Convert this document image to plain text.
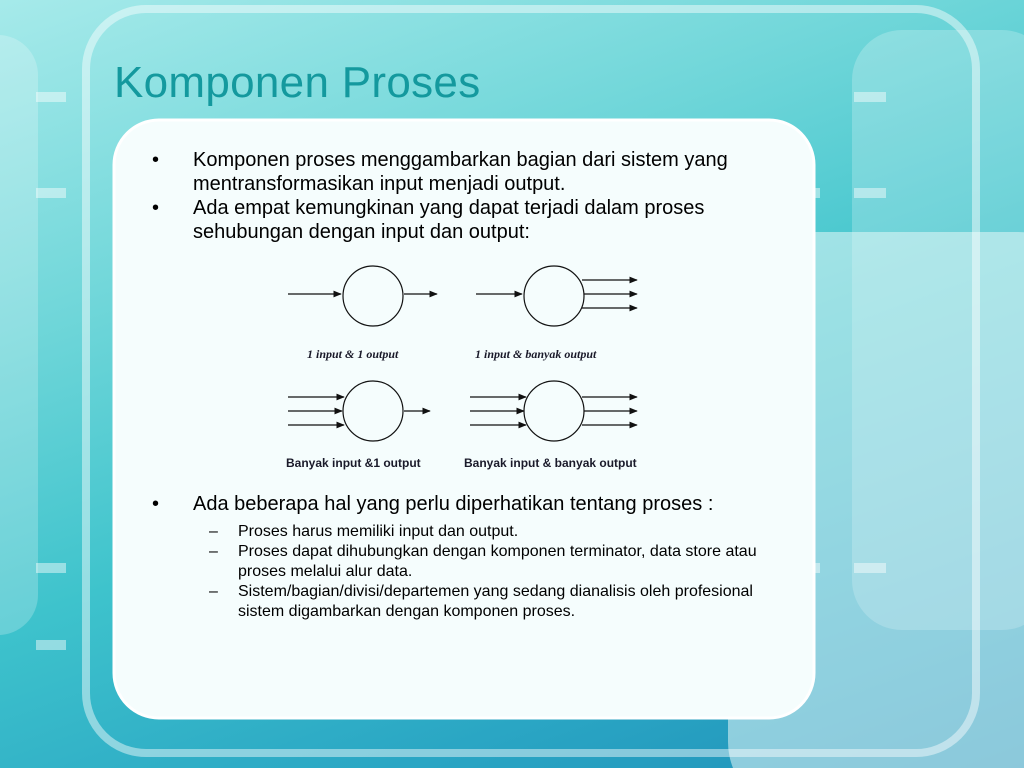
Komponen Proses
• Komponen proses menggambarkan bagian dari sistem yang mentransformasikan input menjadi output.
• Ada empat kemungkinan yang dapat terjadi dalam proses sehubungan dengan input dan output:
• Ada beberapa hal yang perlu diperhatikan tentang proses :
– Proses harus memiliki input dan output.
– Proses dapat dihubungkan dengan komponen terminator, data store atau proses melalui alur data.
– Sistem/bagian/divisi/departemen yang sedang dianalisis oleh profesional sistem digambarkan dengan komponen proses.
1 input & 1 output	1 input & banyak output
Banyak input &1 output	Banyak input & banyak output
